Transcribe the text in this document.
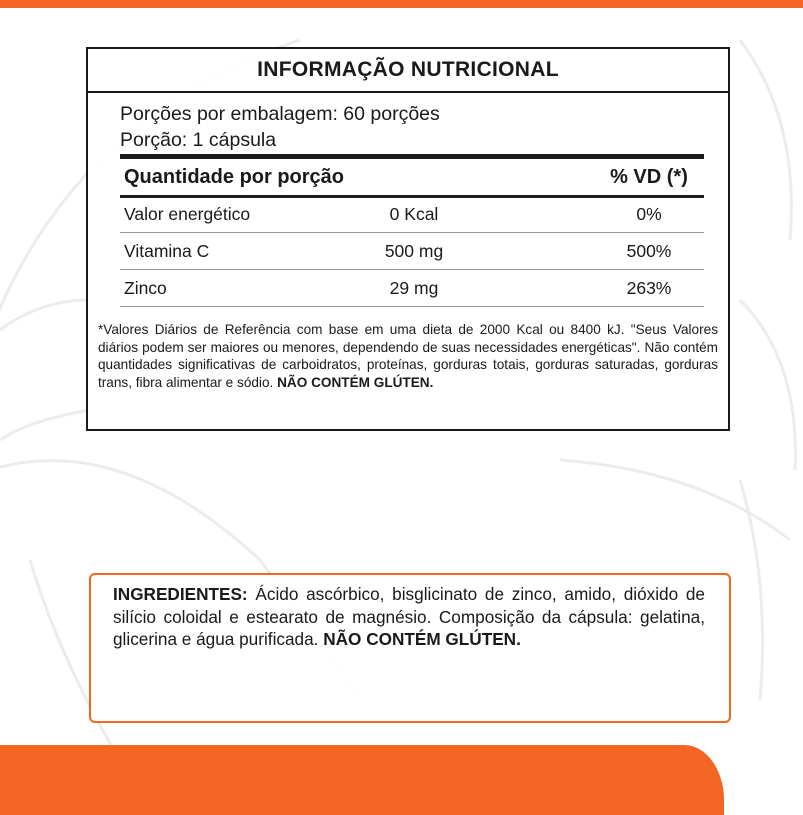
INFORMAÇÃO NUTRICIONAL
Porções por embalagem: 60 porções
Porção: 1 cápsula
Quantidade por porção	% VD (*)
Valor energético	0 Kcal	0%
Vitamina C	500 mg	500%
Zinco	29 mg	263%
*Valores Diários de Referência com base em uma dieta de 2000 Kcal ou 8400 kJ. "Seus Valores diários podem ser maiores ou menores, dependendo de suas necessidades energéticas". Não contém quantidades significativas de carboidratos, proteínas, gorduras totais, gorduras saturadas, gorduras trans, fibra alimentar e sódio. NÃO CONTÉM GLÚTEN.
INGREDIENTES: Ácido ascórbico, bisglicinato de zinco, amido, dióxido de silício coloidal e estearato de magnésio. Composição da cápsula: gelatina, glicerina e água purificada. NÃO CONTÉM GLÚTEN.
